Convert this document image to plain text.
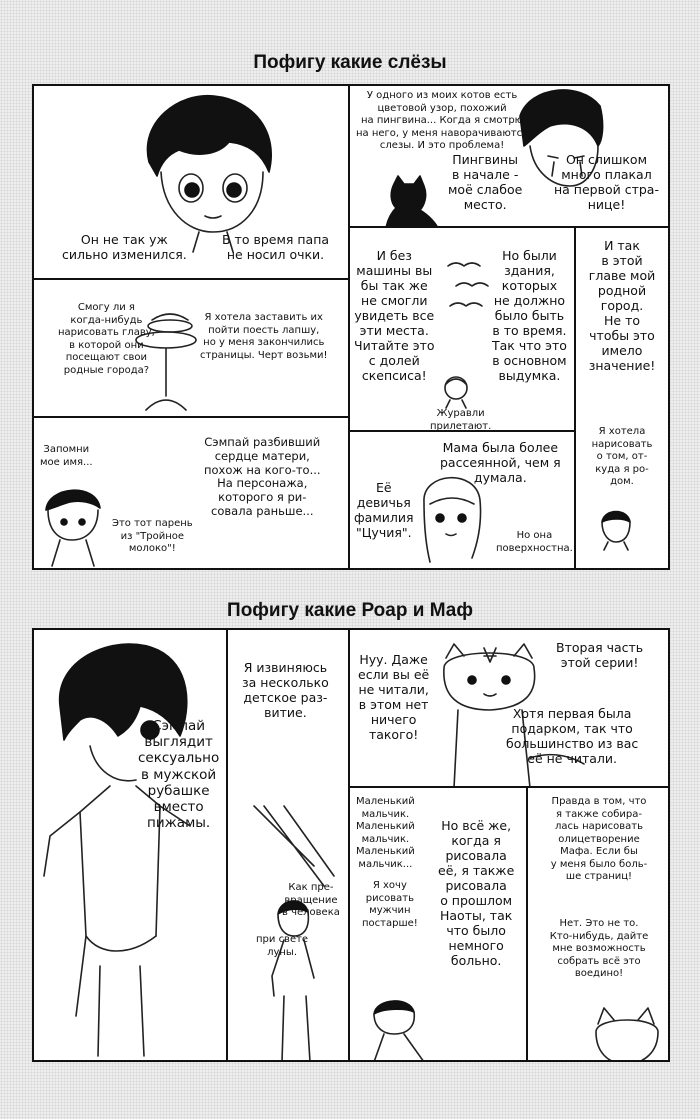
Пофигу какие слёзы
Он не так уж
сильно изменился.
В то время папа
не носил очки.
У одного из моих котов есть
цветовой узор, похожий
на пингвина... Когда я смотрю
на него, у меня наворачиваются
слезы. И это проблема!
Пингвины
в начале -
моё слабое
место.
Он слишком
много плакал
на первой стра-
нице!
И без
машины вы
бы так же
не смогли
увидеть все
эти места.
Читайте это
с долей
скепсиса!
Но были
здания,
которых
не должно
было быть
в то время.
Так что это
в основном
выдумка.
Журавли
прилетают.
И так
в этой
главе мой
родной
город.
Не то
чтобы это
имело
значение!
Я хотела
нарисовать
о том, от-
куда я ро-
дом.
Смогу ли я
когда-нибудь
нарисовать главу,
в которой они
посещают свои
родные города?
Я хотела заставить их
пойти поесть лапшу,
но у меня закончились
страницы. Черт возьми!
Запомни
мое имя...
Сэмпай разбивший
сердце матери,
похож на кого-то...
На персонажа,
которого я ри-
совала раньше...
Это тот парень
из "Тройное
молоко"!
Мама была более
рассеянной, чем я
думала.
Её
девичья
фамилия
"Цучия".	Но она
поверхностна.
Пофигу какие Роар и Маф
Сэмпай
выглядит
сексуально
в мужской
рубашке
вместо
пижамы.
Я извиняюсь
за несколько
детское раз-
витие.
Как пре-
вращение
в человека
при свете
луны.
Нуу. Даже
если вы её
не читали,
в этом нет
ничего
такого!
Вторая часть
этой серии!
Хотя первая была
подарком, так что
большинство из вас
её не читали.
Маленький
мальчик.
Маленький
мальчик.
Маленький
мальчик...
Я хочу
рисовать
мужчин
постарше!
Но всё же,
когда я
рисовала
её, я также
рисовала
о прошлом
Наоты, так
что было
немного
больно.
Правда в том, что
я также собира-
лась нарисовать
олицетворение
Мафа. Если бы
у меня было боль-
ше страниц!
Нет. Это не то.
Кто-нибудь, дайте
мне возможность
собрать всё это
воедино!
